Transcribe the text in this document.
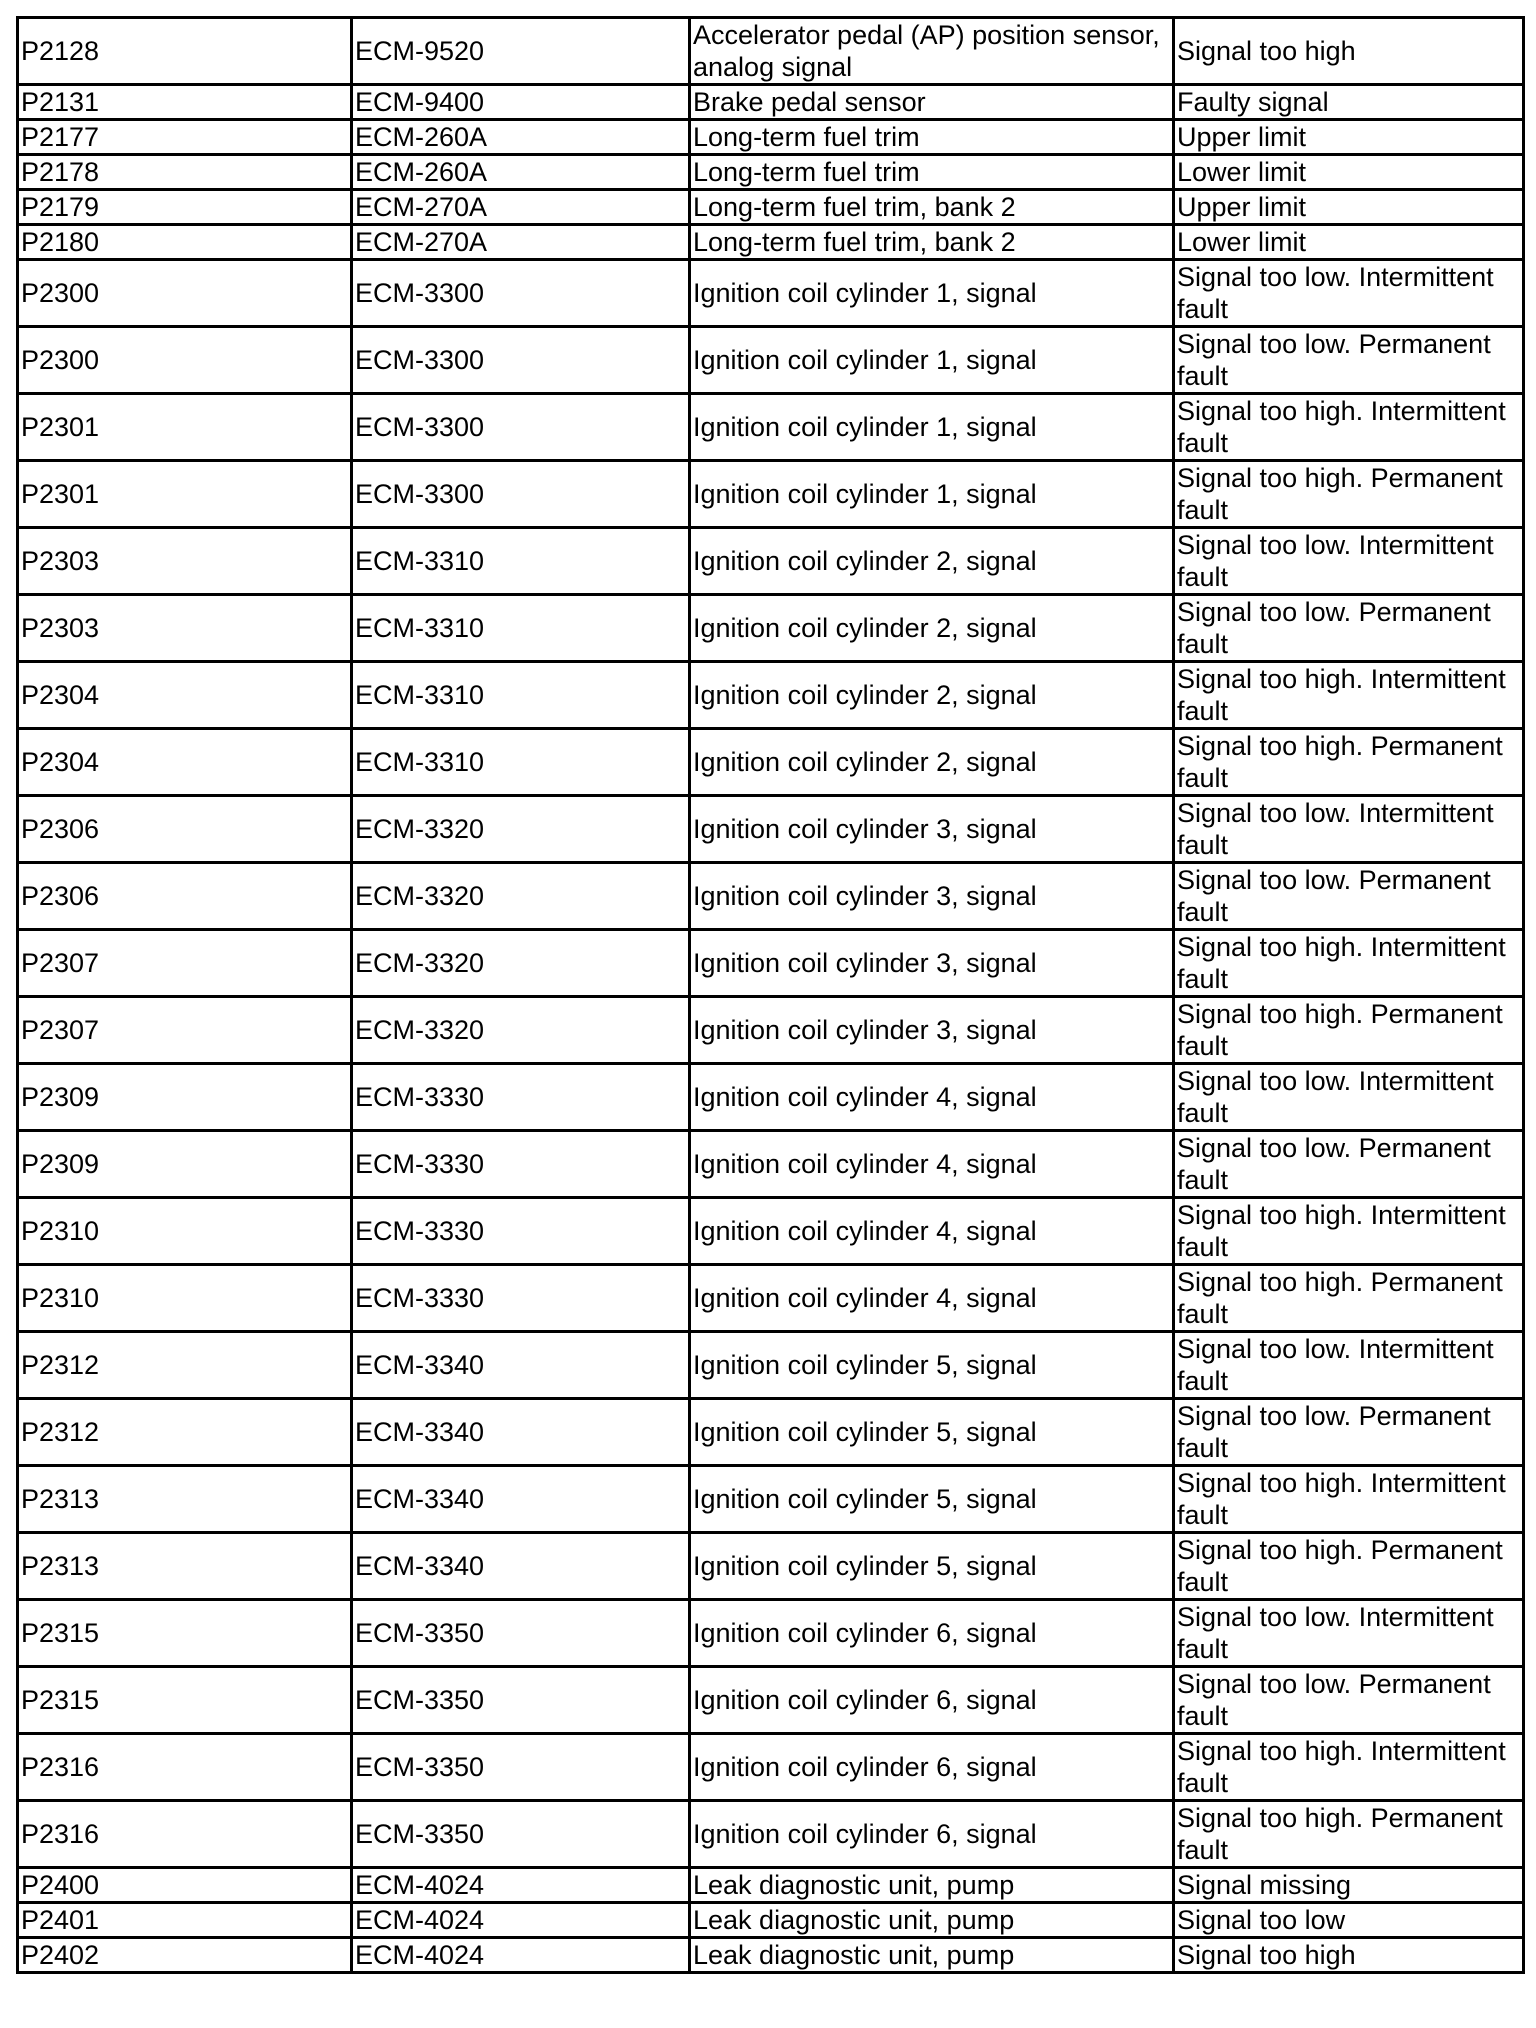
P2128	ECM-9520	Accelerator pedal (AP) position sensor, analog signal	Signal too high
P2131	ECM-9400	Brake pedal sensor	Faulty signal
P2177	ECM-260A	Long-term fuel trim	Upper limit
P2178	ECM-260A	Long-term fuel trim	Lower limit
P2179	ECM-270A	Long-term fuel trim, bank 2	Upper limit
P2180	ECM-270A	Long-term fuel trim, bank 2	Lower limit
P2300	ECM-3300	Ignition coil cylinder 1, signal	Signal too low. Intermittent fault
P2300	ECM-3300	Ignition coil cylinder 1, signal	Signal too low. Permanent fault
P2301	ECM-3300	Ignition coil cylinder 1, signal	Signal too high. Intermittent fault
P2301	ECM-3300	Ignition coil cylinder 1, signal	Signal too high. Permanent fault
P2303	ECM-3310	Ignition coil cylinder 2, signal	Signal too low. Intermittent fault
P2303	ECM-3310	Ignition coil cylinder 2, signal	Signal too low. Permanent fault
P2304	ECM-3310	Ignition coil cylinder 2, signal	Signal too high. Intermittent fault
P2304	ECM-3310	Ignition coil cylinder 2, signal	Signal too high. Permanent fault
P2306	ECM-3320	Ignition coil cylinder 3, signal	Signal too low. Intermittent fault
P2306	ECM-3320	Ignition coil cylinder 3, signal	Signal too low. Permanent fault
P2307	ECM-3320	Ignition coil cylinder 3, signal	Signal too high. Intermittent fault
P2307	ECM-3320	Ignition coil cylinder 3, signal	Signal too high. Permanent fault
P2309	ECM-3330	Ignition coil cylinder 4, signal	Signal too low. Intermittent fault
P2309	ECM-3330	Ignition coil cylinder 4, signal	Signal too low. Permanent fault
P2310	ECM-3330	Ignition coil cylinder 4, signal	Signal too high. Intermittent fault
P2310	ECM-3330	Ignition coil cylinder 4, signal	Signal too high. Permanent fault
P2312	ECM-3340	Ignition coil cylinder 5, signal	Signal too low. Intermittent fault
P2312	ECM-3340	Ignition coil cylinder 5, signal	Signal too low. Permanent fault
P2313	ECM-3340	Ignition coil cylinder 5, signal	Signal too high. Intermittent fault
P2313	ECM-3340	Ignition coil cylinder 5, signal	Signal too high. Permanent fault
P2315	ECM-3350	Ignition coil cylinder 6, signal	Signal too low. Intermittent fault
P2315	ECM-3350	Ignition coil cylinder 6, signal	Signal too low. Permanent fault
P2316	ECM-3350	Ignition coil cylinder 6, signal	Signal too high. Intermittent fault
P2316	ECM-3350	Ignition coil cylinder 6, signal	Signal too high. Permanent fault
P2400	ECM-4024	Leak diagnostic unit, pump	Signal missing
P2401	ECM-4024	Leak diagnostic unit, pump	Signal too low
P2402	ECM-4024	Leak diagnostic unit, pump	Signal too high
